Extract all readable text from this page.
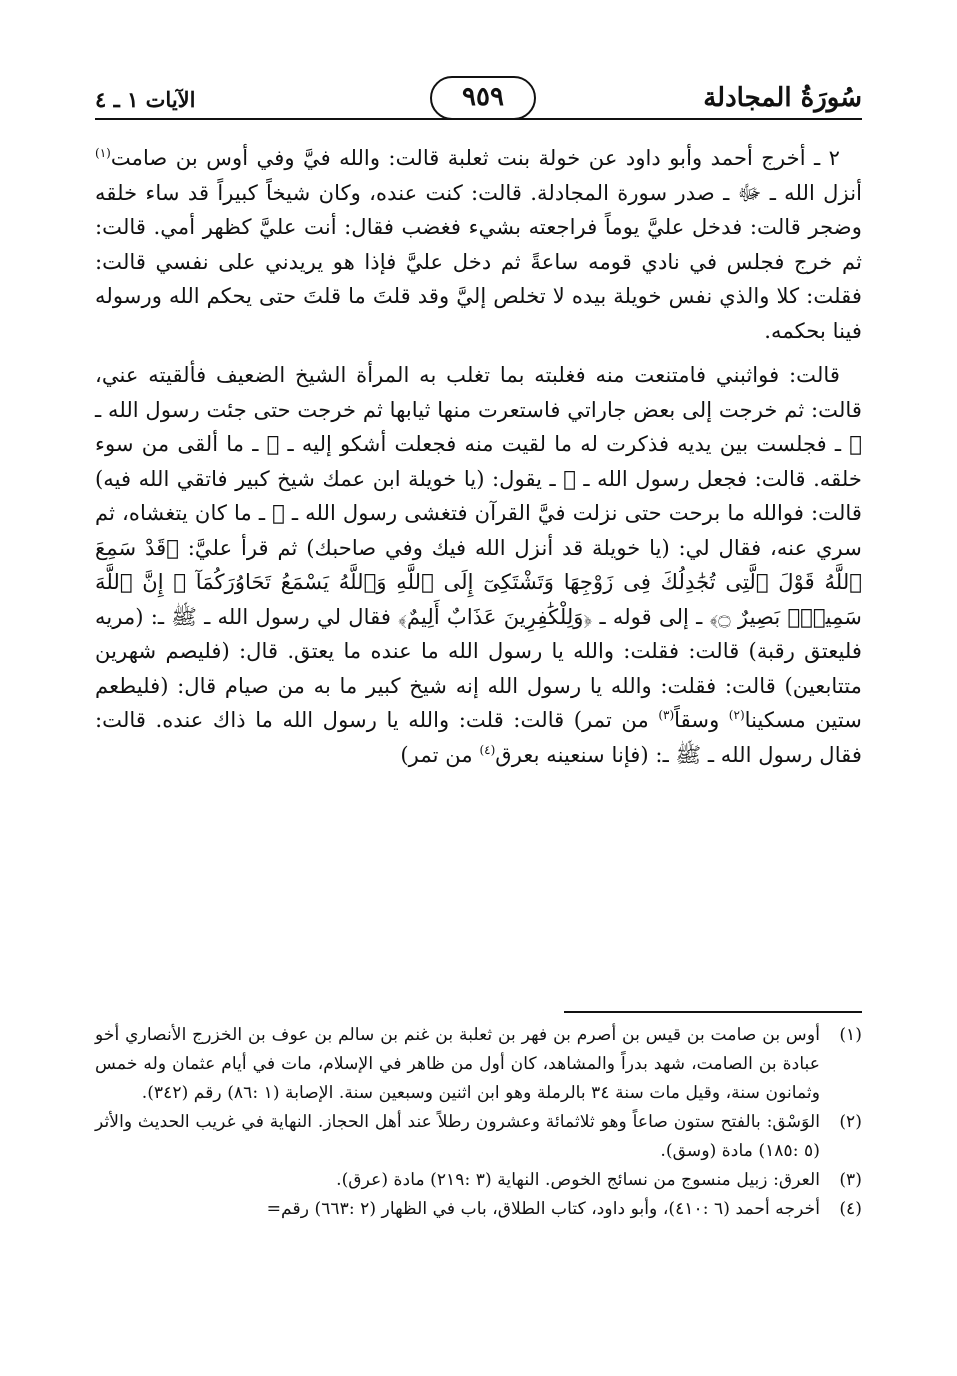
سُورَةُ المجادلة
٩٥٩
الآيات ١ ـ ٤

٢ ـ أخرج أحمد وأبو داود عن خولة بنت ثعلبة قالت: والله فيَّ وفي أوس بن صامت$^{(١)}$ أنزل الله ـ ﷻ ـ صدر سورة المجادلة. قالت: كنت عنده، وكان شيخاً كبيراً قد ساء خلقه وضجر قالت: فدخل عليَّ يوماً فراجعته بشيء فغضب فقال: أنت عليَّ كظهر أمي. قالت: ثم خرج فجلس في نادي قومه ساعةً ثم دخل عليَّ فإذا هو يريدني على نفسي قالت: فقلت: كلا والذي نفس خويلة بيده لا تخلص إليَّ وقد قلتَ ما قلتَ حتى يحكم الله ورسوله فينا بحكمه.

قالت: فواثبني فامتنعت منه فغلبته بما تغلب به المرأة الشيخ الضعيف فألقيته عني، قالت: ثم خرجت إلى بعض جاراتي فاستعرت منها ثيابها ثم خرجت حتى جئت رسول الله ـ ﷺ ـ فجلست بين يديه فذكرت له ما لقيت منه فجعلت أشكو إليه ـ ﷺ ـ ما ألقى من سوء خلقه. قالت: فجعل رسول الله ـ ﷺ ـ يقول: (يا خويلة ابن عمك شيخ كبير فاتقي الله فيه) قالت: فوالله ما برحت حتى نزلت فيَّ القرآن فتغشى رسول الله ـ ﷺ ـ ما كان يتغشاه، ثم سري عنه، فقال لي: (يا خويلة قد أنزل الله فيك وفي صاحبك) ثم قرأ عليَّ: ﴿قَدْ سَمِعَ ٱللَّهُ قَوْلَ ٱلَّتِى تُجَٰدِلُكَ فِى زَوْجِهَا وَتَشْتَكِىٓ إِلَى ٱللَّهِ وَٱللَّهُ يَسْمَعُ تَحَاوُرَكُمَآ ۚ إِنَّ ٱللَّهَ سَمِيعٌۢ بَصِيرٌ ۝﴾ ـ إلى قوله ـ ﴿وَلِلْكَٰفِرِينَ عَذَابٌ أَلِيمٌ﴾ فقال لي رسول الله ـ ﷺ ـ: (مريه فليعتق رقبة) قالت: فقلت: والله يا رسول الله ما عنده ما يعتق. قال: (فليصم شهرين متتابعين) قالت: فقلت: والله يا رسول الله إنه شيخ كبير ما به من صيام قال: (فليطعم ستين مسكينا$^{(٢)}$ وسقاً$^{(٣)}$ من تمر) قالت: قلت: والله يا رسول الله ما ذاك عنده. قالت: فقال رسول الله ـ ﷺ ـ: (فإنا سنعينه بعرق$^{(٤)}$ من تمر)

(١)
أوس بن صامت بن قيس بن أصرم بن فهر بن ثعلبة بن غنم بن سالم بن عوف بن الخزرج الأنصاري أخو عبادة بن الصامت، شهد بدراً والمشاهد، كان أول من ظاهر في الإسلام، مات في أيام عثمان وله خمس وثمانون سنة، وقيل مات سنة ٣٤ بالرملة وهو ابن اثنين وسبعين سنة. الإصابة (١ :٨٦) رقم (٣٤٢).
(٢)
الوَسْق: بالفتح ستون صاعاً وهو ثلاثمائة وعشرون رطلاً عند أهل الحجاز. النهاية في غريب الحديث والأثر (٥ :١٨٥) مادة (وسق).
(٣)
العرق: زبيل منسوج من نسائج الخوص. النهاية (٣ :٢١٩) مادة (عرق).
(٤)
أخرجه أحمد (٦ :٤١٠)، وأبو داود، كتاب الطلاق، باب في الظهار (٢ :٦٦٣) رقم=
